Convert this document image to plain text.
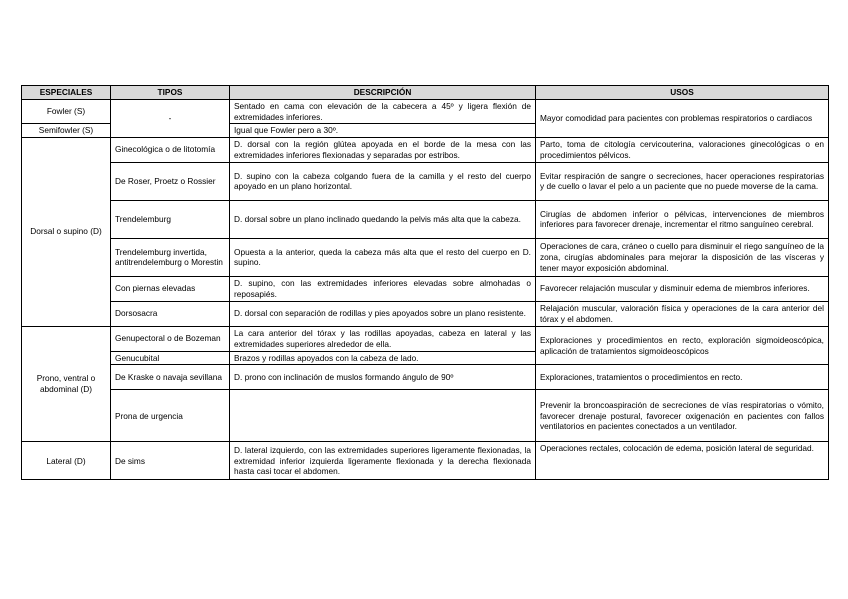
ESPECIALES	TIPOS	DESCRIPCIÓN	USOS
Fowler (S)	-	Sentado en cama con elevación de la cabecera a 45º y ligera flexión de extremidades inferiores.	Mayor comodidad para pacientes con problemas respiratorios o cardiacos
Semifowler (S)		Igual que Fowler pero a 30º.	
Dorsal o supino (D)	Ginecológica o de litotomía	D. dorsal con la región glútea apoyada en el borde de la mesa con las extremidades inferiores flexionadas y separadas por estribos.	Parto, toma de citología cervicouterina, valoraciones ginecológicas o en procedimientos pélvicos.
	De Roser, Proetz o Rossier	D. supino con la cabeza colgando fuera de la camilla y el resto del cuerpo apoyado en un plano horizontal.	Evitar respiración de sangre o secreciones, hacer operaciones respiratorias y de cuello o lavar el pelo a un paciente que no puede moverse de la cama.
	Trendelemburg	D. dorsal sobre un plano inclinado quedando la pelvis más alta que la cabeza.	Cirugías de abdomen inferior o pélvicas, intervenciones de miembros inferiores para favorecer drenaje, incrementar el ritmo sanguíneo cerebral.
	Trendelemburg invertida, antitrendelemburg o Morestin	Opuesta a la anterior, queda la cabeza más alta que el resto del cuerpo en D. supino.	Operaciones de cara, cráneo o cuello para disminuir el riego sanguíneo de la zona, cirugías abdominales para mejorar la disposición de las vísceras y tener mayor exposición abdominal.
	Con piernas elevadas	D. supino, con las extremidades inferiores elevadas sobre almohadas o reposapiés.	Favorecer relajación muscular y disminuir edema de miembros inferiores.
	Dorsosacra	D. dorsal con separación de rodillas y pies apoyados sobre un plano resistente.	Relajación muscular, valoración física y operaciones de la cara anterior del tórax y el abdomen.
Prono, ventral o abdominal (D)	Genupectoral o de Bozeman	La cara anterior del tórax y las rodillas apoyadas, cabeza en lateral y las extremidades superiores alrededor de ella.	Exploraciones y procedimientos en recto, exploración sigmoideoscópica, aplicación de tratamientos sigmoideoscópicos
	Genucubital	Brazos y rodillas apoyados con la cabeza de lado.	
	De Kraske o navaja sevillana	D. prono con inclinación de muslos formando ángulo de 90º	Exploraciones, tratamientos o procedimientos en recto.
	Prona de urgencia		Prevenir la broncoaspiración de secreciones de vías respiratorias o vómito, favorecer drenaje postural, favorecer oxigenación en pacientes con fallos ventilatorios en pacientes conectados a un ventilador.
Lateral (D)	De sims	D. lateral izquierdo, con las extremidades superiores ligeramente flexionadas, la extremidad inferior izquierda ligeramente flexionada y la derecha flexionada hasta casi tocar el abdomen.	Operaciones rectales, colocación de edema, posición lateral de seguridad.
